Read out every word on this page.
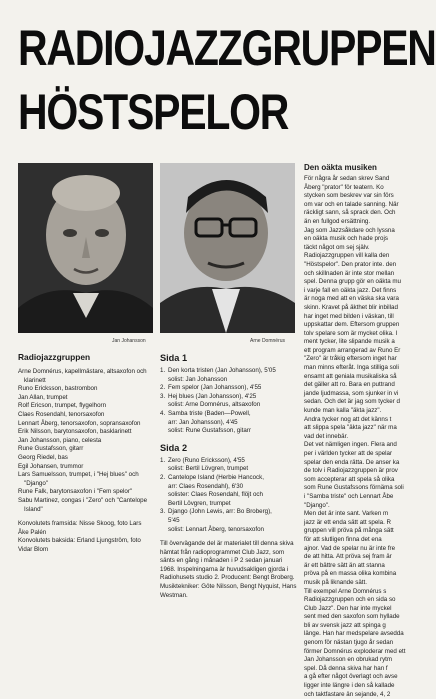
RADIOJAZZGRUPPEN
HÖSTSPELOR
Jan Johansson	Arne Domnérus
Radiojazzgruppen
Arne Domnérus, kapellmästare, altsaxofon och klarinett
Runo Ericksson, bastrombon
Jan Allan, trumpet
Rolf Ericson, trumpet, flygelhorn
Claes Rosendahl, tenorsaxofon
Lennart Åberg, tenorsaxofon, sopransaxofon
Erik Nilsson, barytonsaxofon, basklarinett
Jan Johansson, piano, celesta
Rune Gustafsson, gitarr
Georg Riedel, bas
Egil Johansen, trummor
Lars Samuelsson, trumpet, i "Hej blues" och "Django"
Rune Falk, barytonsaxofon i "Fem spelor"
Sabu Martinez, congas i "Zero" och "Cantelope Island"
Konvolutets framsida: Nisse Skoog, foto Lars Åke Palén
Konvolutets baksida: Erland Ljungström, foto Vidar Blom
Sida 1
1. Den korta tristen (Jan Johansson), 5'05
solist: Jan Johansson
2. Fem spelor (Jan Johansson), 4'55
3. Hej blues (Jan Johansson), 4'25
solist: Arne Domnérus, altsaxofon
4. Samba triste (Baden—Powell,
arr: Jan Johansson), 4'45
solist: Rune Gustafsson, gitarr
Sida 2
1. Zero (Runo Ericksson), 4'55
solist: Bertil Lövgren, trumpet
2. Cantelope Island (Herbie Hancock,
arr: Claes Rosendahl), 6'30
solister: Claes Rosendahl, flöjt och
Bertil Lövgren, trumpet
3. Django (John Lewis, arr: Bo Broberg),
5'45
solist: Lennart Åberg, tenorsaxofon
Till övervägande del är materialet till denna skiva hämtat från radioprogrammet Club Jazz, som sänts en gång i månaden i P 2 sedan januari 1968. Inspelningarna är huvudsakligen gjorda i Radiohusets studio 2. Producent: Bengt Broberg. Musiktekniker: Göte Nilsson, Bengt Nyquist, Hans Westman.
Den oäkta musiken
För några år sedan skrev Sand
Åberg "prator" för teatern. Ko
stycken som beskrev var sin förs
om var och en talade sanning. När
räckligt sann, så sprack den. Och
än en fullgod ersättning.
Jag som Jazzsåkdare och lyssna
en oäkta musik och hade projs
täckt något om sej själv.
Radiojazzgruppen vill kalla den
"Höstspelor". Den prator inte. den
och skillnaden är inte stor mellan
spel. Denna grupp gör en oäkta mu
i varje fall en oäkta jazz. Det finns
är noga med att en väska ska vara
skinn. Kravet på äkthet blir inbillad
har inget med bilden i väskan, till
uppskattar dem. Eftersom gruppen
tolv spelare som är mycket olika. I
ment tycker, lite slipande musik a
ett program arrangerad av Runo Er
"Zero" är tråkig eftersom inget har
man minns efteråt. Inga stilliga soli
ensamt att geniala musikaliska så
det gäller att ro. Bara en puttrand
jande ljudmassa, som sjunker in vi
sedan. Och det är jag som tycker d
kunde man kalla "äkta jazz".
Andra tycker nog att det känns t
att slippa spela "äkta jazz" när ma
vad det innebär.
Det vet nämligen ingen. Flera and
per i världen tycker att de spelar
spelar den enda rätta. De anser ka
de tolv i Radiojazzgruppen är prov
som accepterar att spela så olika
som Rune Gustafssons förnäma soli
i "Samba triste" och Lennart Åbe
"Django".
Men det är inte sant. Varken m
jazz är ett enda sätt att spela. R
gruppen vill pröva på många sätt
för att slutligen finna det ena
ajnor. Vad de spelar nu är inte fre
de att hitta. Att pröva sej fram är
är ett bättre sätt än att stanna
pröva på en massa olika kombina
musik på liknande sätt.
Till exempel Arne Domnérus s
Radiojazzgruppen och en sida so
Club Jazz". Den har inte myckel
sent med den saxofon som hyllade
bli av svensk jazz att spinga g
länge. Han har medspelare avsedda
genom för nästan tjugo år sedan
förmer Domnérus exploderar med ett
Jan Johansson en obrukad rytm
spel. Då denna skiva har han f
a gå efter något överlagt och avse
ligger inte längre i den så kallade
och taktfastare än sejande, 4, 2
